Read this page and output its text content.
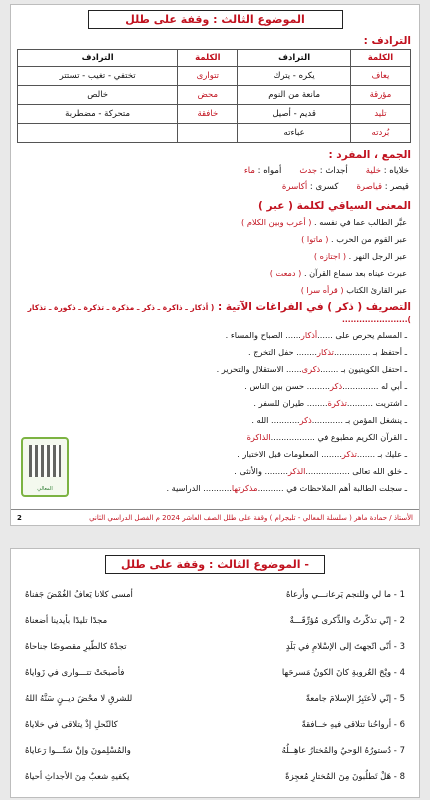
الموضوع الثالث : وقفة على طلل
الترادف :
الكلمة	الترادف	الكلمة	الترادف
يعاف	يكره - يترك	تتوارى	تختفي - تغيب - تستتر
مؤرقة	مانعة من النوم	محض	خالص
تليد	قديم - أصيل	خافقة	متحركة - مضطربة
بُردته	عباءته		
الجمع ، المفرد :
خلاياه : خلية
أجداث : جدث
أمواه : ماء
قيصر : قياصرة
كسرى : أكاسرة
المعنى السياقي لكلمة ( عبر )
عبَّر الطالب عما في نفسه . ( أعرب وبين الكلام )
عبر القوم من الحرب . ( ماتوا )
عبر الرجل النهر . ( اجتازه )
عبرت عيناه بعد سماع القرآن . ( دمعت )
عبر القارئ الكتاب ( قرأه سرا )
التصريف ( ذكر ) في الفراغات الآتية : ( أذكار ـ ذاكرة ـ ذكر ـ مذكرة ـ تذكرة ـ ذكورة ـ تذكار ).......................
ـ المسلم يحرص على ......أذكار...... الصباح والمساء .
ـ أحتفظ بـ ..............تذكار........ حفل التخرج .
ـ احتفل الكويتيون بـ .......ذكرى...... الاستقلال والتحرير .
ـ أبي له ..............ذكر......... حسن بين الناس .
ـ اشتريت ..........تذكرة........ طيران للسفر .
ـ ينشغل المؤمن بـ ............ذكر........... الله .
ـ القرآن الكريم مطبوع في .................الذاكرة
ـ عليك بـ .......تذكر........ المعلومات قبل الاختبار .
ـ خلق الله تعالى .................الذكر......... والأنثى .
ـ سجلت الطالبة أهم الملاحظات في ..........مذكرتها........... الدراسية .
المعالي
الأستاذ / حمادة ماهر ( سلسلة المعالي - تليجرام ) وقفة على طلل الصف العاشر 2024 م الفصل الدراسي الثاني
2
- الموضوع الثالث : وقفة على طلل
1 - ما لي وللنجم يَرعانـــي وأرعاهُ
أمسى كلانا يَعافُ الغُمْضَ جَفناهُ
2 - إنّي تذكّرتُ والذِّكرى مُؤرِّقَـــةٌ
مجدًا تليدًا بأيدينا أضعناهُ
3 - أنّى اتّجهتَ إلى الإسْلامِ في بَلَدٍ
تجدْهُ كالطّيرِ مقصوصًا جناحاهُ
4 - ويْحَ العُروبةِ كانَ الكونُ مَسرحَها
فأصبحَتْ تتـــوارى في زَواياهُ
5 - إنّي لأعتَبِرُ الإسلامَ جامعةً
للشرقِ لا محْضَ ديــنٍ سَنَّهُ اللهُ
6 - أرواحُنا تتلاقى فيهِ خــافقةً
كالنّحلِ إذْ يتلاقى في خلاياهُ
7 - دُستورُهُ الوَحيُ والمُختارُ عاهِــلُهُ
والمُسْلِمونَ وإنْ شتّـــوا رَعاياهُ
8 - هَلْ تَطلُبونَ مِنَ المُختارِ مُعجِزةً
يكفيهِ شعبٌ مِنَ الأجداثِ أحياهُ
